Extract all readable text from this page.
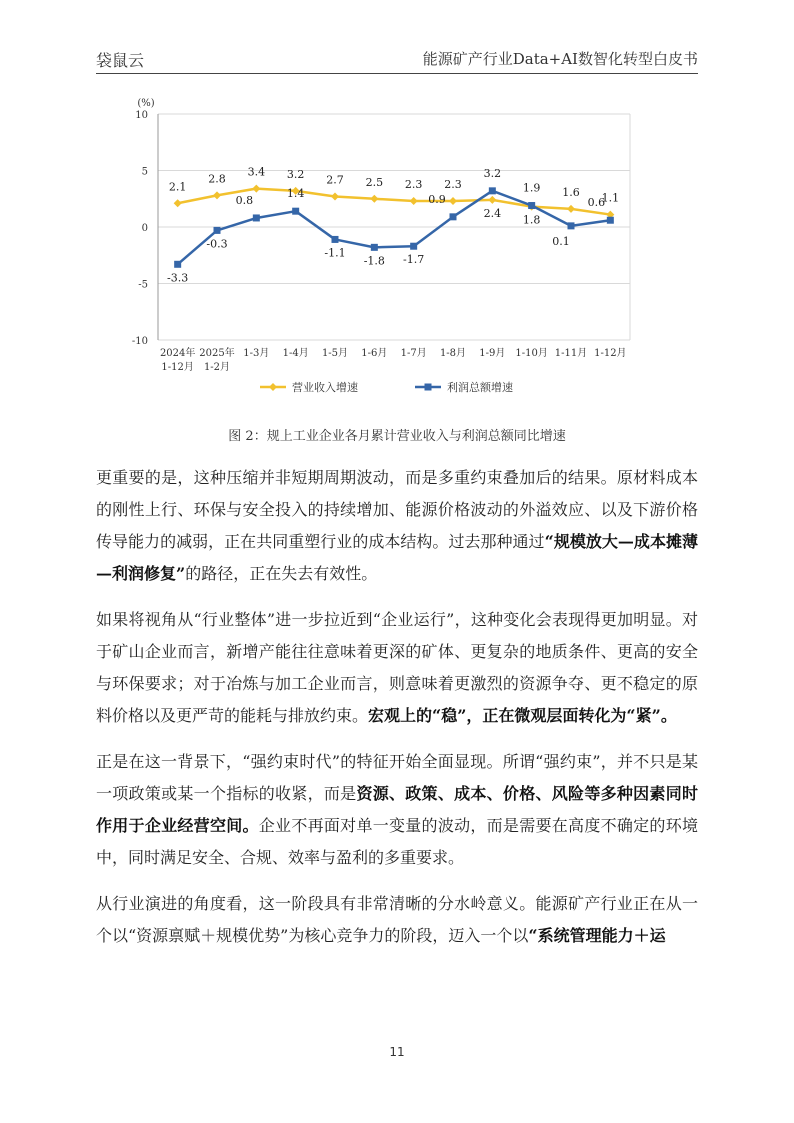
袋鼠云	能源矿产行业Data+AI数智化转型白皮书
10
5
0
-5
-10
(%)
2024年
1-12月
2025年
1-2月
1-3月 1-4月 1-5月 1-6月 1-7月 1-8月 1-9月 1-10月 1-11月 1-12月
2.1
2.8
3.4 3.2 2.7 2.5 2.3 2.3
2.4
1.8
1.6 1.1
-3.3
-0.3
0.8
1.4
-1.1
-1.8 -1.7
0.9
3.2
1.9
0.1
0.6
营业收入增速	利润总额增速
图 2：规上工业企业各月累计营业收入与利润总额同比增速

更重要的是，这种压缩并非短期周期波动，而是多重约束叠加后的结果。原材料成本的刚性上行、环保与安全投入的持续增加、能源价格波动的外溢效应、以及下游价格传导能力的减弱，正在共同重塑行业的成本结构。过去那种通过“规模放大—成本摊薄—利润修复”的路径，正在失去有效性。

如果将视角从“行业整体”进一步拉近到“企业运行”，这种变化会表现得更加明显。对于矿山企业而言，新增产能往往意味着更深的矿体、更复杂的地质条件、更高的安全与环保要求；对于冶炼与加工企业而言，则意味着更激烈的资源争夺、更不稳定的原料价格以及更严苛的能耗与排放约束。宏观上的“稳”，正在微观层面转化为“紧”。

正是在这一背景下，“强约束时代”的特征开始全面显现。所谓“强约束”，并不只是某一项政策或某一个指标的收紧，而是资源、政策、成本、价格、风险等多种因素同时作用于企业经营空间。企业不再面对单一变量的波动，而是需要在高度不确定的环境中，同时满足安全、合规、效率与盈利的多重要求。

从行业演进的角度看，这一阶段具有非常清晰的分水岭意义。能源矿产行业正在从一个以“资源禀赋＋规模优势”为核心竞争力的阶段，迈入一个以“系统管理能力＋运

11
